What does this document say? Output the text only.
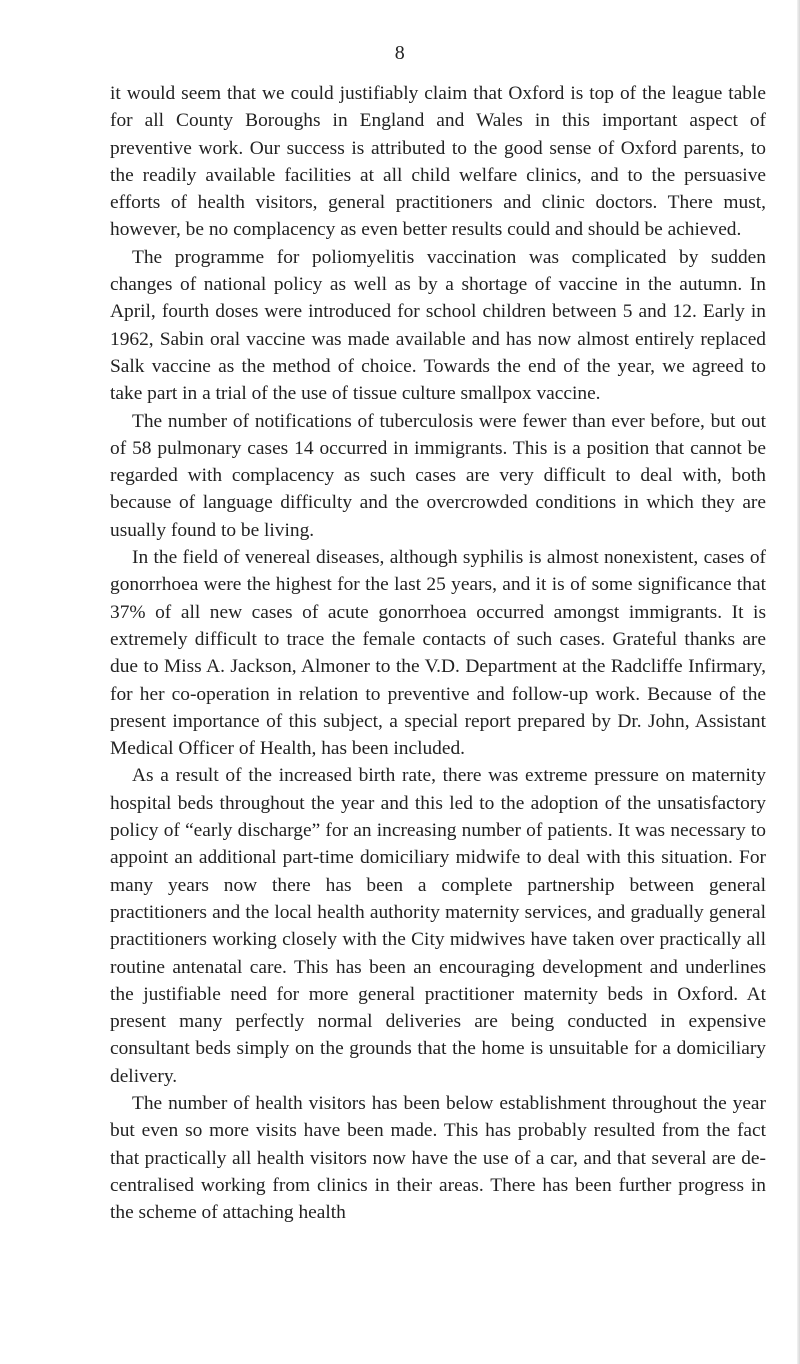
8

it would seem that we could justifiably claim that Oxford is top of the league table for all County Boroughs in England and Wales in this important aspect of preventive work. Our success is attributed to the good sense of Oxford parents, to the readily available facilities at all child welfare clinics, and to the persuasive efforts of health visitors, general practitioners and clinic doctors. There must, however, be no complacency as even better results could and should be achieved.

The programme for poliomyelitis vaccination was complicated by sudden changes of national policy as well as by a shortage of vaccine in the autumn. In April, fourth doses were introduced for school children between 5 and 12. Early in 1962, Sabin oral vaccine was made available and has now almost entirely replaced Salk vaccine as the method of choice. Towards the end of the year, we agreed to take part in a trial of the use of tissue culture smallpox vaccine.

The number of notifications of tuberculosis were fewer than ever before, but out of 58 pulmonary cases 14 occurred in immigrants. This is a position that cannot be regarded with complacency as such cases are very difficult to deal with, both because of language difficulty and the overcrowded conditions in which they are usually found to be living.

In the field of venereal diseases, although syphilis is almost nonexistent, cases of gonorrhoea were the highest for the last 25 years, and it is of some significance that 37% of all new cases of acute gonorrhoea occurred amongst immigrants. It is extremely difficult to trace the female contacts of such cases. Grateful thanks are due to Miss A. Jackson, Almoner to the V.D. Department at the Radcliffe Infirmary, for her co-operation in relation to preventive and follow-up work. Because of the present importance of this subject, a special report prepared by Dr. John, Assistant Medical Officer of Health, has been included.

As a result of the increased birth rate, there was extreme pressure on maternity hospital beds throughout the year and this led to the adoption of the unsatisfactory policy of “early discharge” for an increasing number of patients. It was necessary to appoint an additional part-time domiciliary midwife to deal with this situation. For many years now there has been a complete partnership between general practitioners and the local health authority maternity services, and gradually general practitioners working closely with the City midwives have taken over practically all routine antenatal care. This has been an encouraging development and underlines the justifiable need for more general practitioner maternity beds in Oxford. At present many perfectly normal deliveries are being conducted in expensive consultant beds simply on the grounds that the home is unsuitable for a domiciliary delivery.

The number of health visitors has been below establishment throughout the year but even so more visits have been made. This has probably resulted from the fact that practically all health visitors now have the use of a car, and that several are de-centralised working from clinics in their areas. There has been further progress in the scheme of attaching health
